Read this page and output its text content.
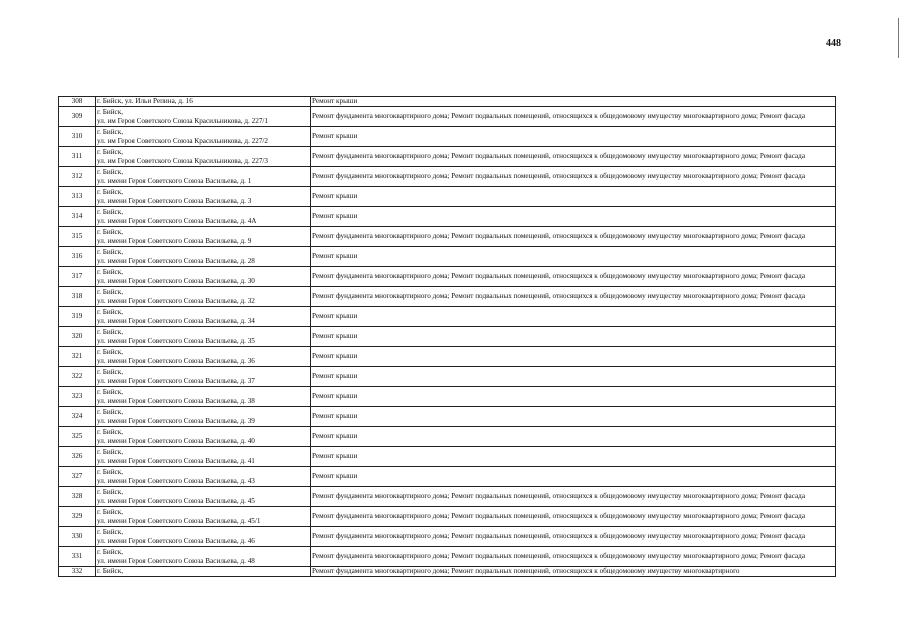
448
308	г. Бийск, ул. Ильи Репина, д. 16	Ремонт крыши
309	г. Бийск,
ул. им Героя Советского Союза Красильникова, д. 227/1	Ремонт фундамента многоквартирного дома; Ремонт подвальных помещений, относящихся к общедомовому имуществу многоквартирного дома; Ремонт фасада
310	г. Бийск,
ул. им Героя Советского Союза Красильникова, д. 227/2	Ремонт крыши
311	г. Бийск,
ул. им Героя Советского Союза Красильникова, д. 227/3	Ремонт фундамента многоквартирного дома; Ремонт подвальных помещений, относящихся к общедомовому имуществу многоквартирного дома; Ремонт фасада
312	г. Бийск,
ул. имени Героя Советского Союза Васильева, д. 1	Ремонт фундамента многоквартирного дома; Ремонт подвальных помещений, относящихся к общедомовому имуществу многоквартирного дома; Ремонт фасада
313	г. Бийск,
ул. имени Героя Советского Союза Васильева, д. 3	Ремонт крыши
314	г. Бийск,
ул. имени Героя Советского Союза Васильева, д. 4А	Ремонт крыши
315	г. Бийск,
ул. имени Героя Советского Союза Васильева, д. 9	Ремонт фундамента многоквартирного дома; Ремонт подвальных помещений, относящихся к общедомовому имуществу многоквартирного дома; Ремонт фасада
316	г. Бийск,
ул. имени Героя Советского Союза Васильева, д. 28	Ремонт крыши
317	г. Бийск,
ул. имени Героя Советского Союза Васильева, д. 30	Ремонт фундамента многоквартирного дома; Ремонт подвальных помещений, относящихся к общедомовому имуществу многоквартирного дома; Ремонт фасада
318	г. Бийск,
ул. имени Героя Советского Союза Васильева, д. 32	Ремонт фундамента многоквартирного дома; Ремонт подвальных помещений, относящихся к общедомовому имуществу многоквартирного дома; Ремонт фасада
319	г. Бийск,
ул. имени Героя Советского Союза Васильева, д. 34	Ремонт крыши
320	г. Бийск,
ул. имени Героя Советского Союза Васильева, д. 35	Ремонт крыши
321	г. Бийск,
ул. имени Героя Советского Союза Васильева, д. 36	Ремонт крыши
322	г. Бийск,
ул. имени Героя Советского Союза Васильева, д. 37	Ремонт крыши
323	г. Бийск,
ул. имени Героя Советского Союза Васильева, д. 38	Ремонт крыши
324	г. Бийск,
ул. имени Героя Советского Союза Васильева, д. 39	Ремонт крыши
325	г. Бийск,
ул. имени Героя Советского Союза Васильева, д. 40	Ремонт крыши
326	г. Бийск,
ул. имени Героя Советского Союза Васильева, д. 41	Ремонт крыши
327	г. Бийск,
ул. имени Героя Советского Союза Васильева, д. 43	Ремонт крыши
328	г. Бийск,
ул. имени Героя Советского Союза Васильева, д. 45	Ремонт фундамента многоквартирного дома; Ремонт подвальных помещений, относящихся к общедомовому имуществу многоквартирного дома; Ремонт фасада
329	г. Бийск,
ул. имени Героя Советского Союза Васильева, д. 45/1	Ремонт фундамента многоквартирного дома; Ремонт подвальных помещений, относящихся к общедомовому имуществу многоквартирного дома; Ремонт фасада
330	г. Бийск,
ул. имени Героя Советского Союза Васильева, д. 46	Ремонт фундамента многоквартирного дома; Ремонт подвальных помещений, относящихся к общедомовому имуществу многоквартирного дома; Ремонт фасада
331	г. Бийск,
ул. имени Героя Советского Союза Васильева, д. 48	Ремонт фундамента многоквартирного дома; Ремонт подвальных помещений, относящихся к общедомовому имуществу многоквартирного дома; Ремонт фасада
332	г. Бийск,	Ремонт фундамента многоквартирного дома; Ремонт подвальных помещений, относящихся к общедомовому имуществу многоквартирного
